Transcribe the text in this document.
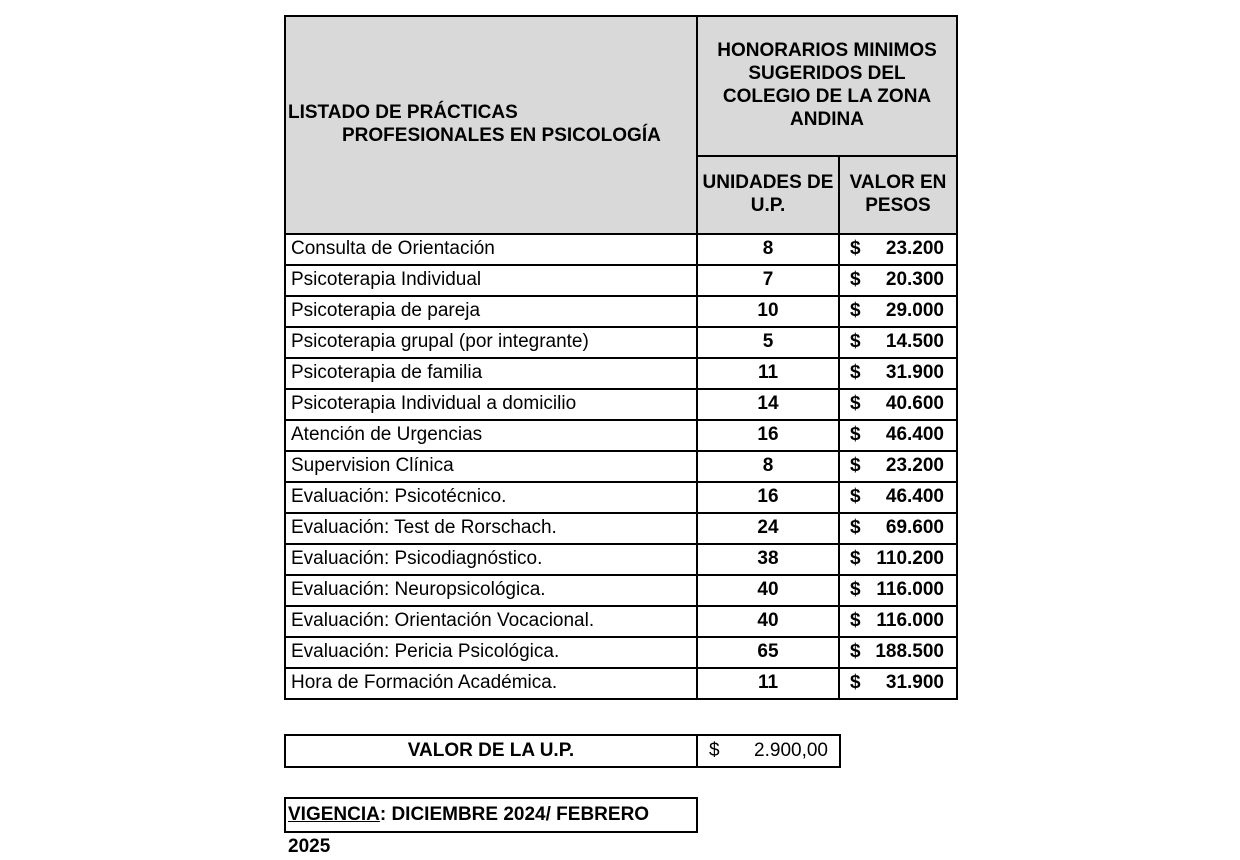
LISTADO DE PRÁCTICAS
PROFESIONALES EN PSICOLOGÍA	HONORARIOS MINIMOS SUGERIDOS DEL COLEGIO DE LA ZONA ANDINA	

	UNIDADES DE U.P.	VALOR EN PESOS
Consulta de Orientación	8	$ 23.200

Psicoterapia Individual	7	$ 20.300

Psicoterapia de pareja	10	$ 29.000

Psicoterapia grupal (por integrante)	5	$ 14.500

Psicoterapia de familia	11	$ 31.900

Psicoterapia Individual a domicilio	14	$ 40.600

Atención de Urgencias	16	$ 46.400

Supervision Clínica	8	$ 23.200

Evaluación: Psicotécnico.	16	$ 46.400

Evaluación: Test de Rorschach.	24	$ 69.600

Evaluación: Psicodiagnóstico.	38	$ 110.200

Evaluación: Neuropsicológica.	40	$ 116.000

Evaluación: Orientación Vocacional.	40	$ 116.000

Evaluación: Pericia Psicológica.	65	$ 188.500

Hora de Formación Académica.	11	$ 31.900
VALOR DE LA U.P.	$ 2.900,00
VIGENCIA: DICIEMBRE 2024/ FEBRERO 2025
